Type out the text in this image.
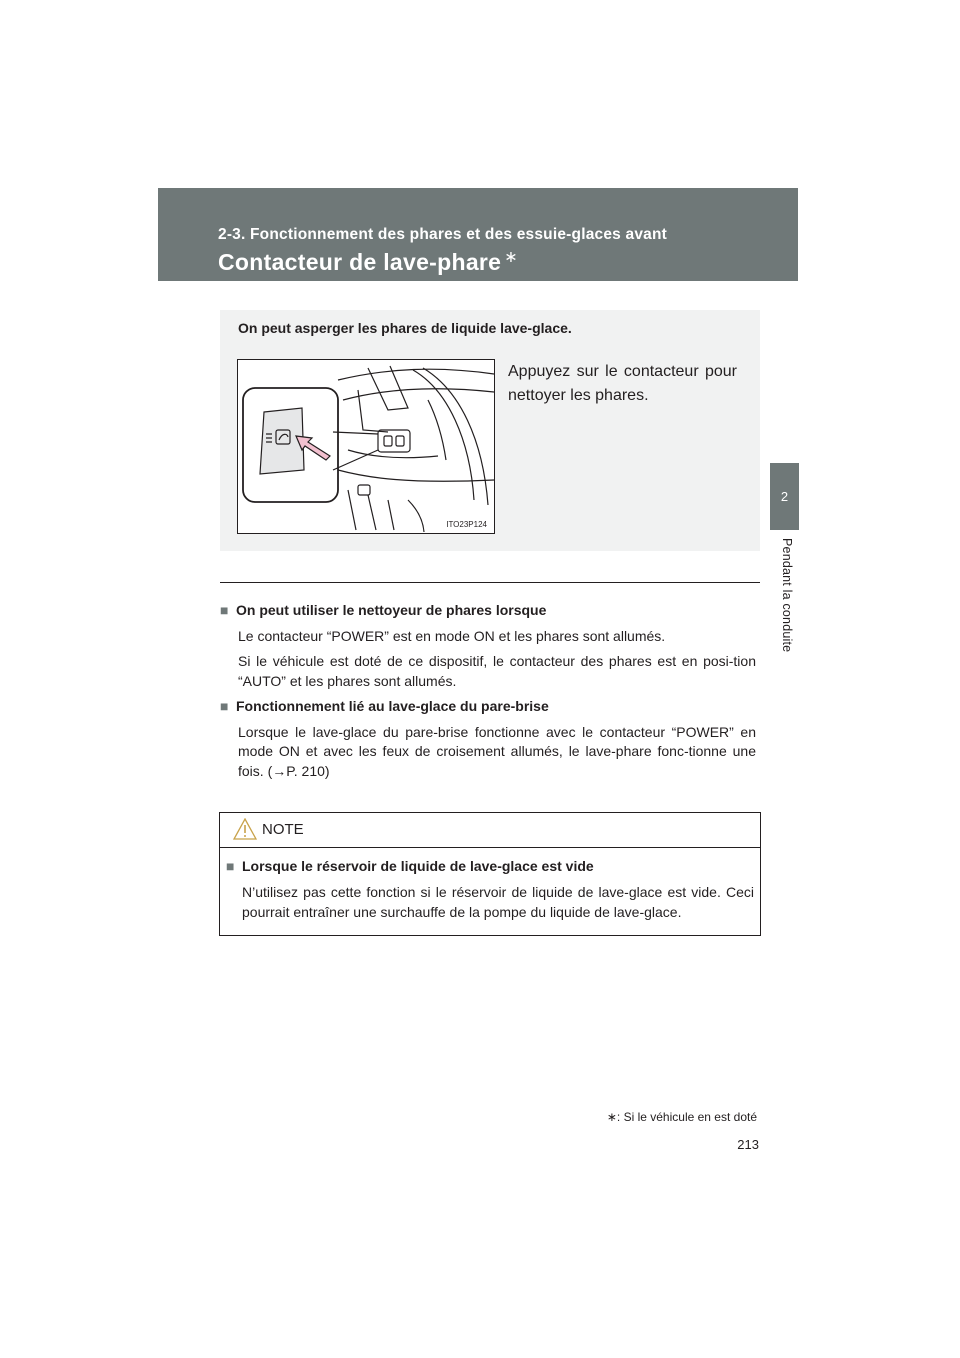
2-3. Fonctionnement des phares et des essuie-glaces avant
Contacteur de lave-phare ∗
2
Pendant la conduite
On peut asperger les phares de liquide lave-glace.
ITO23P124
Appuyez sur le contacteur pour nettoyer les phares.

■ On peut utiliser le nettoyeur de phares lorsque

Le contacteur “POWER” est en mode ON et les phares sont allumés.

Si le véhicule est doté de ce dispositif, le contacteur des phares est en posi-tion “AUTO” et les phares sont allumés.

■ Fonctionnement lié au lave-glace du pare-brise

Lorsque le lave-glace du pare-brise fonctionne avec le contacteur “POWER” en mode ON et avec les feux de croisement allumés, le lave-phare fonc-tionne une fois. (→P. 210)

NOTE
■ Lorsque le réservoir de liquide de lave-glace est vide
N’utilisez pas cette fonction si le réservoir de liquide de lave-glace est vide. Ceci pourrait entraîner une surchauffe de la pompe du liquide de lave-glace.
∗: Si le véhicule en est doté
213
